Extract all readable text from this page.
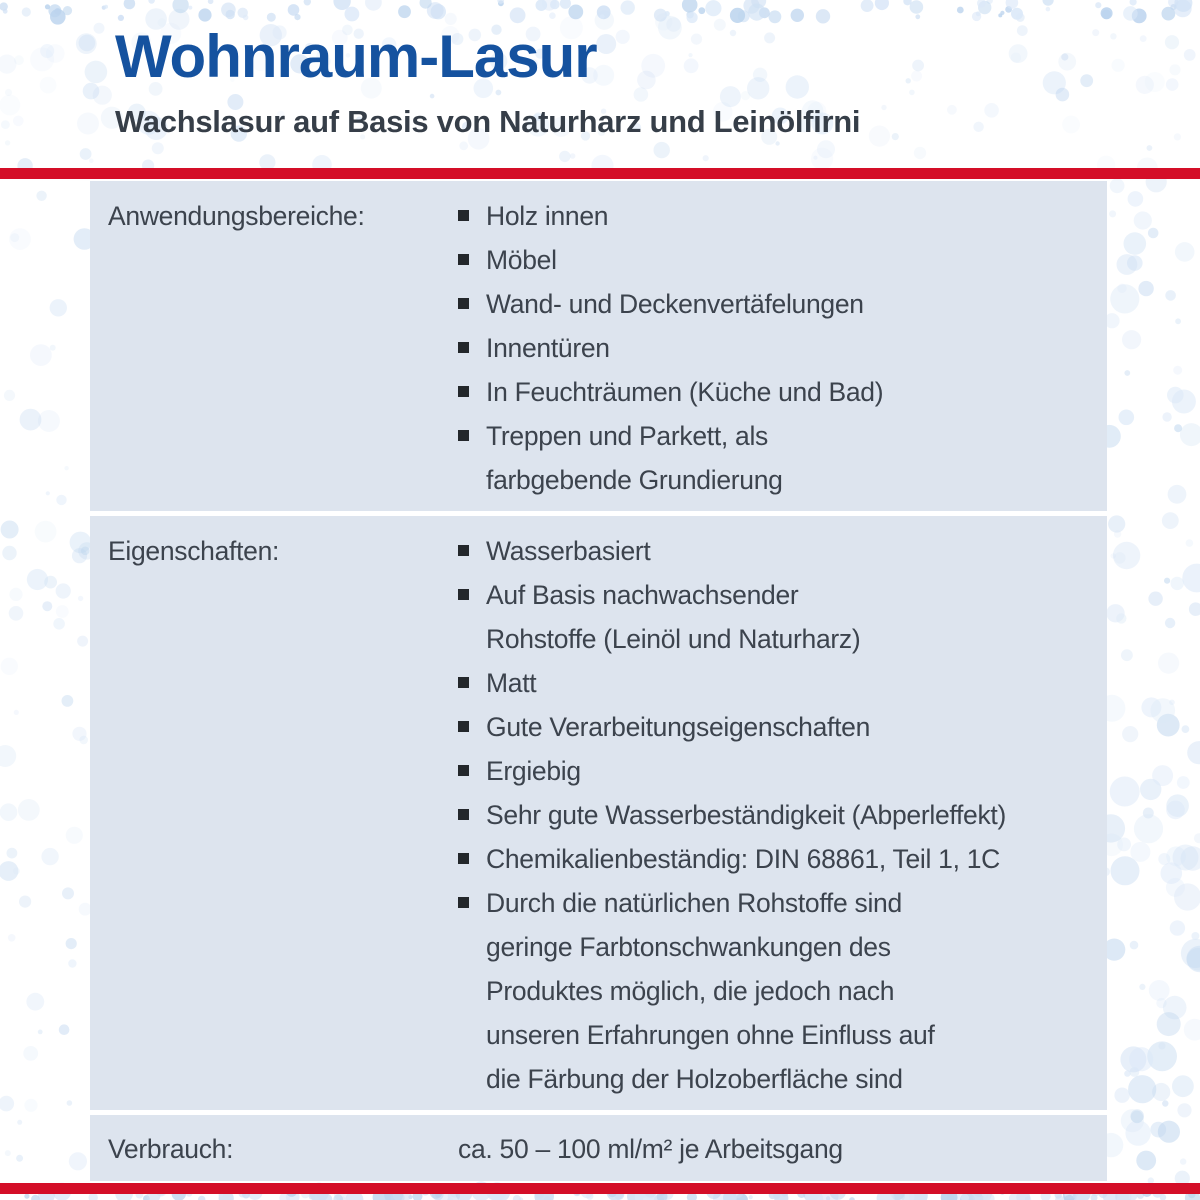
Wohnraum-Lasur
Wachslasur auf Basis von Naturharz und Leinölfirni
Anwendungsbereiche:	Holz innen
Möbel
Wand- und Deckenvertäfelungen
Innentüren
In Feuchträumen (Küche und Bad)
Treppen und Parkett, als
farbgebende Grundierung
Eigenschaften:	Wasserbasiert
Auf Basis nachwachsender
Rohstoffe (Leinöl und Naturharz)
Matt
Gute Verarbeitungseigenschaften
Ergiebig
Sehr gute Wasserbeständigkeit (Abperleffekt)
Chemikalienbeständig: DIN 68861, Teil 1, 1C
Durch die natürlichen Rohstoffe sind
geringe Farbtonschwankungen des
Produktes möglich, die jedoch nach
unseren Erfahrungen ohne Einfluss auf
die Färbung der Holzoberfläche sind
Verbrauch:	ca. 50 – 100 ml/m² je Arbeitsgang
